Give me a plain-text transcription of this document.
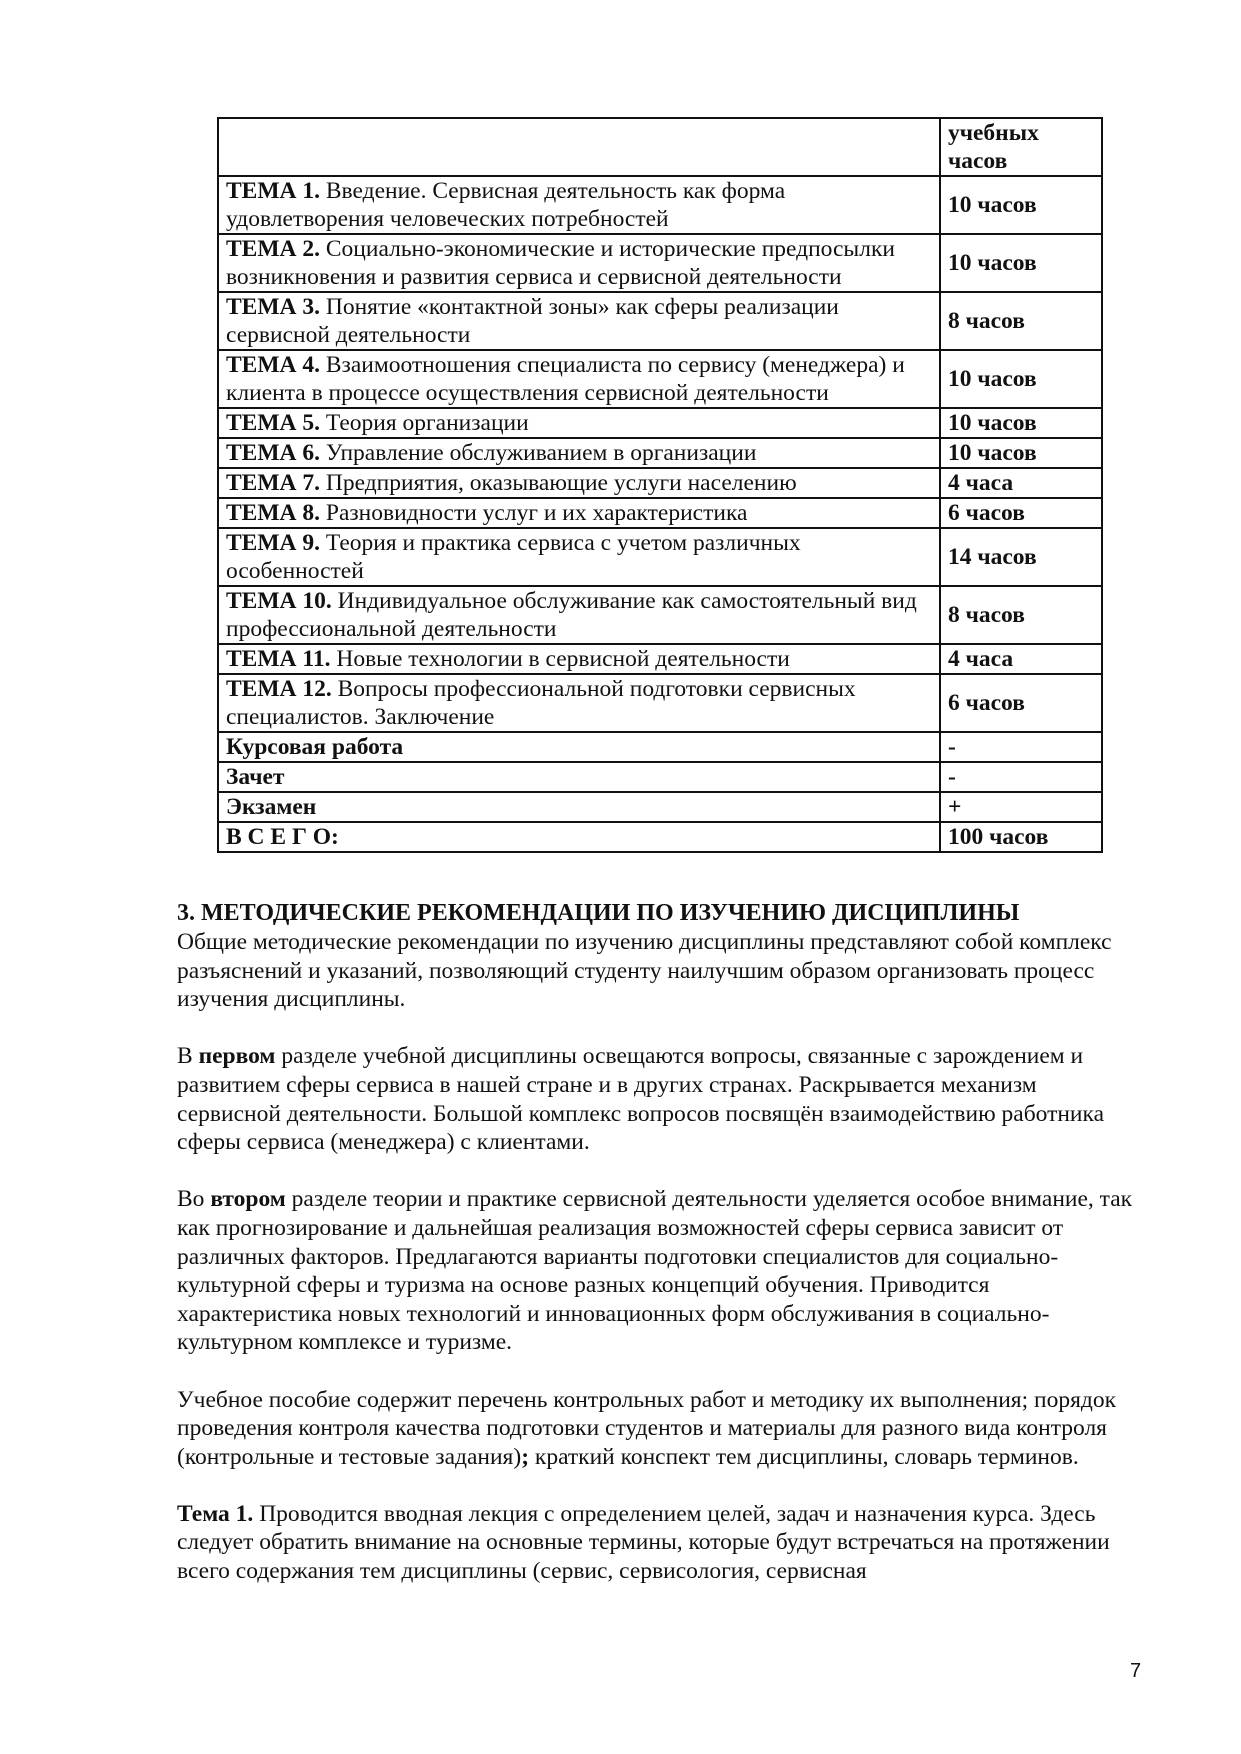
	учебных часов
ТЕМА 1. Введение. Сервисная деятельность как форма удовлетворения человеческих потребностей	10 часов
ТЕМА 2. Социально-экономические и исторические предпосылки возникновения и развития сервиса и сервисной деятельности	10 часов
ТЕМА 3. Понятие «контактной зоны» как сферы реализации сервисной деятельности	8 часов
ТЕМА 4. Взаимоотношения специалиста по сервису (менеджера) и клиента в процессе осуществления сервисной деятельности	10 часов
ТЕМА 5. Теория организации	10 часов
ТЕМА 6. Управление обслуживанием в организации	10 часов
ТЕМА 7. Предприятия, оказывающие услуги населению	4 часа
ТЕМА 8. Разновидности услуг и их характеристика	6 часов
ТЕМА 9. Теория и практика сервиса с учетом различных особенностей	14 часов
ТЕМА 10. Индивидуальное обслуживание как самостоятельный вид профессиональной деятельности	8 часов
ТЕМА 11. Новые технологии в сервисной деятельности	4 часа
ТЕМА 12. Вопросы профессиональной подготовки сервисных специалистов. Заключение	6 часов
Курсовая работа	-
Зачет	-
Экзамен	+
В С Е Г О:	100 часов
3. МЕТОДИЧЕСКИЕ РЕКОМЕНДАЦИИ ПО ИЗУЧЕНИЮ ДИСЦИПЛИНЫ

Общие методические рекомендации по изучению дисциплины представляют собой комплекс разъяснений и указаний, позволяющий студенту наилучшим образом организовать процесс изучения дисциплины.

В первом разделе учебной дисциплины освещаются вопросы, связанные с зарождением и развитием сферы сервиса в нашей стране и в других странах. Раскрывается механизм сервисной деятельности. Большой комплекс вопросов посвящён взаимодействию работника сферы сервиса (менеджера) с клиентами.

Во втором разделе теории и практике сервисной деятельности уделяется особое внимание, так как прогнозирование и дальнейшая реализация возможностей сферы сервиса зависит от различных факторов. Предлагаются варианты подготовки специалистов для социально-культурной сферы и туризма на основе разных концепций обучения. Приводится характеристика новых технологий и инновационных форм обслуживания в социально-культурном комплексе и туризме.

Учебное пособие содержит перечень контрольных работ и методику их выполнения; порядок проведения контроля качества подготовки студентов и материалы для разного вида контроля (контрольные и тестовые задания); краткий конспект тем дисциплины, словарь терминов.

Тема 1. Проводится вводная лекция с определением целей, задач и назначения курса. Здесь следует обратить внимание на основные термины, которые будут встречаться на протяжении всего содержания тем дисциплины (сервис, сервисология, сервисная

7
